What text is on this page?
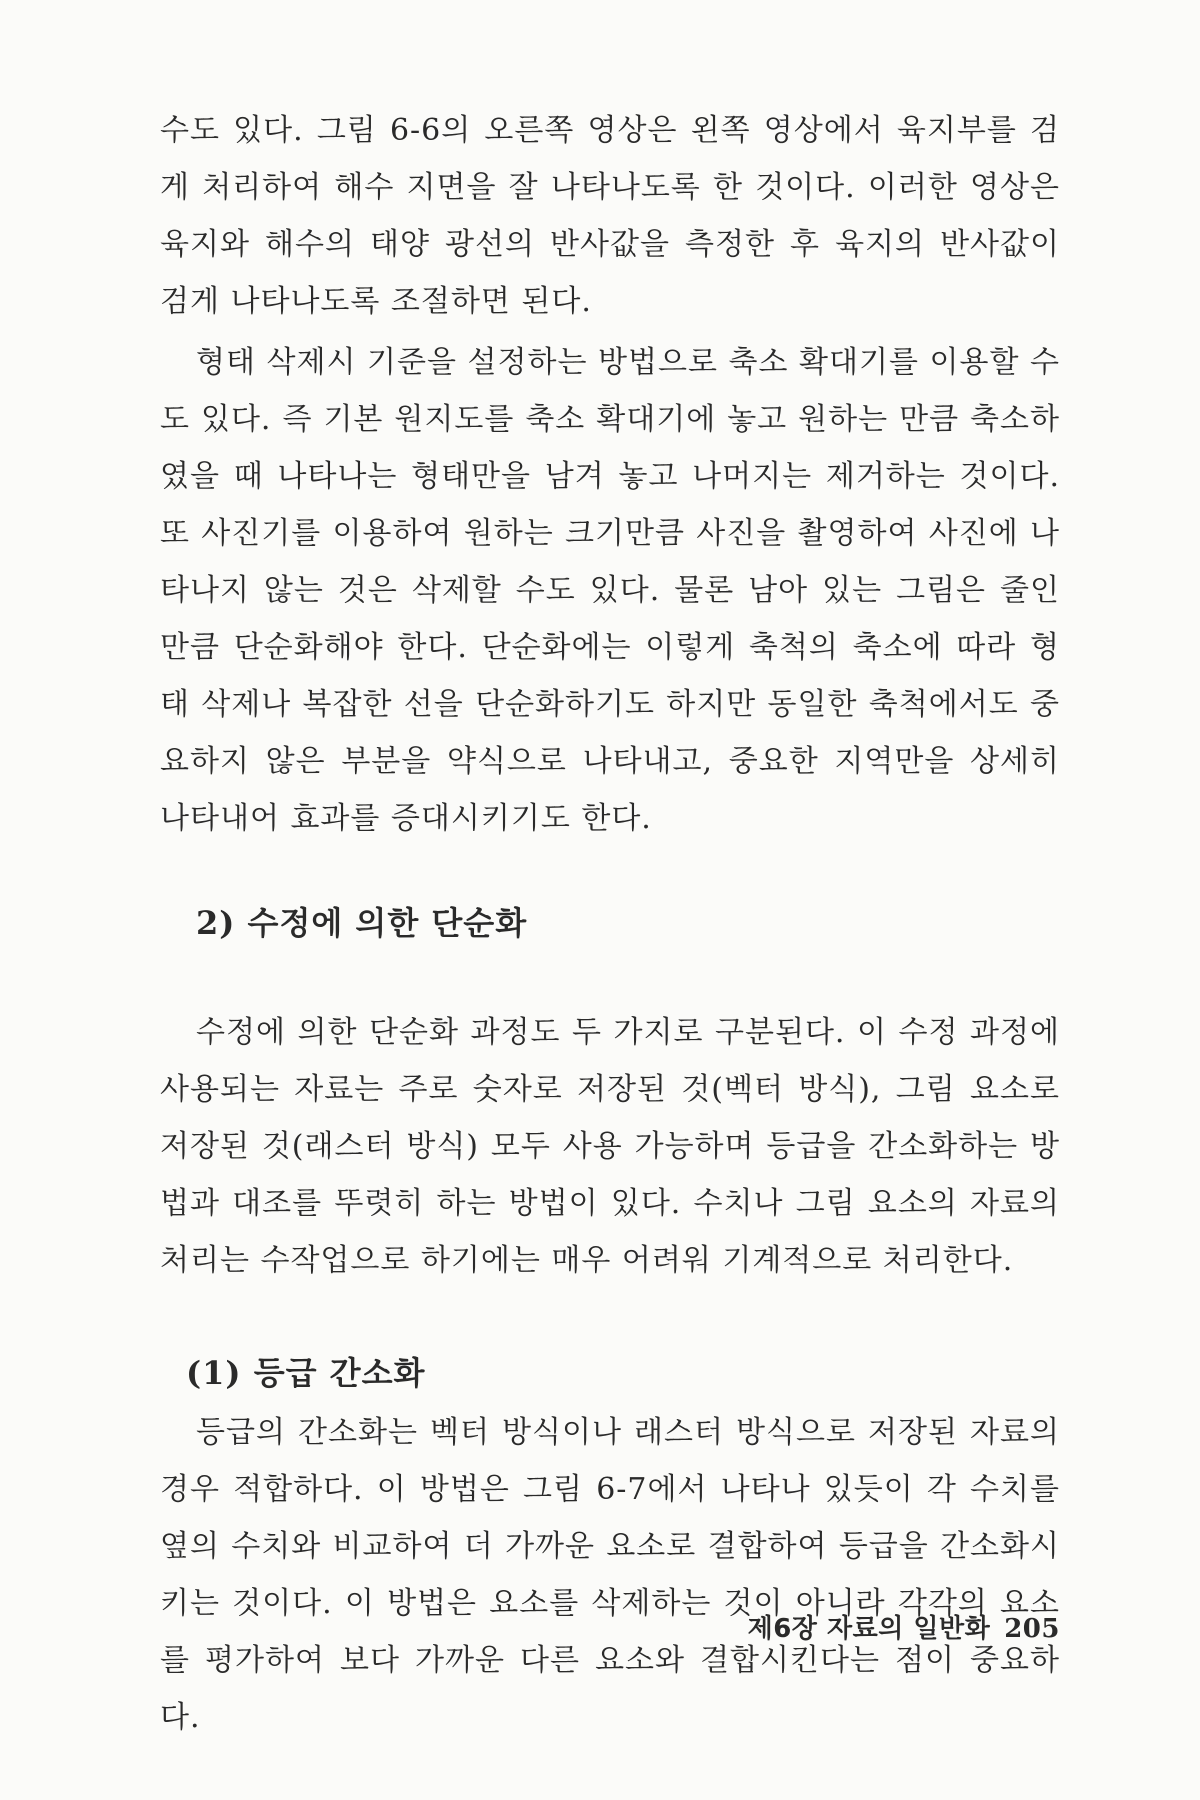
수도 있다. 그림 6-6의 오른쪽 영상은 왼쪽 영상에서 육지부를 검게 처리하여 해수 지면을 잘 나타나도록 한 것이다. 이러한 영상은 육지와 해수의 태양 광선의 반사값을 측정한 후 육지의 반사값이 검게 나타나도록 조절하면 된다.

형태 삭제시 기준을 설정하는 방법으로 축소 확대기를 이용할 수도 있다. 즉 기본 원지도를 축소 확대기에 놓고 원하는 만큼 축소하였을 때 나타나는 형태만을 남겨 놓고 나머지는 제거하는 것이다. 또 사진기를 이용하여 원하는 크기만큼 사진을 촬영하여 사진에 나타나지 않는 것은 삭제할 수도 있다. 물론 남아 있는 그림은 줄인 만큼 단순화해야 한다. 단순화에는 이렇게 축척의 축소에 따라 형태 삭제나 복잡한 선을 단순화하기도 하지만 동일한 축척에서도 중요하지 않은 부분을 약식으로 나타내고, 중요한 지역만을 상세히 나타내어 효과를 증대시키기도 한다.

2) 수정에 의한 단순화

수정에 의한 단순화 과정도 두 가지로 구분된다. 이 수정 과정에 사용되는 자료는 주로 숫자로 저장된 것(벡터 방식), 그림 요소로 저장된 것(래스터 방식) 모두 사용 가능하며 등급을 간소화하는 방법과 대조를 뚜렷히 하는 방법이 있다. 수치나 그림 요소의 자료의 처리는 수작업으로 하기에는 매우 어려워 기계적으로 처리한다.

(1) 등급 간소화

등급의 간소화는 벡터 방식이나 래스터 방식으로 저장된 자료의 경우 적합하다. 이 방법은 그림 6-7에서 나타나 있듯이 각 수치를 옆의 수치와 비교하여 더 가까운 요소로 결합하여 등급을 간소화시키는 것이다. 이 방법은 요소를 삭제하는 것이 아니라 각각의 요소를 평가하여 보다 가까운 다른 요소와 결합시킨다는 점이 중요하다.

제6장 자료의 일반화 205
